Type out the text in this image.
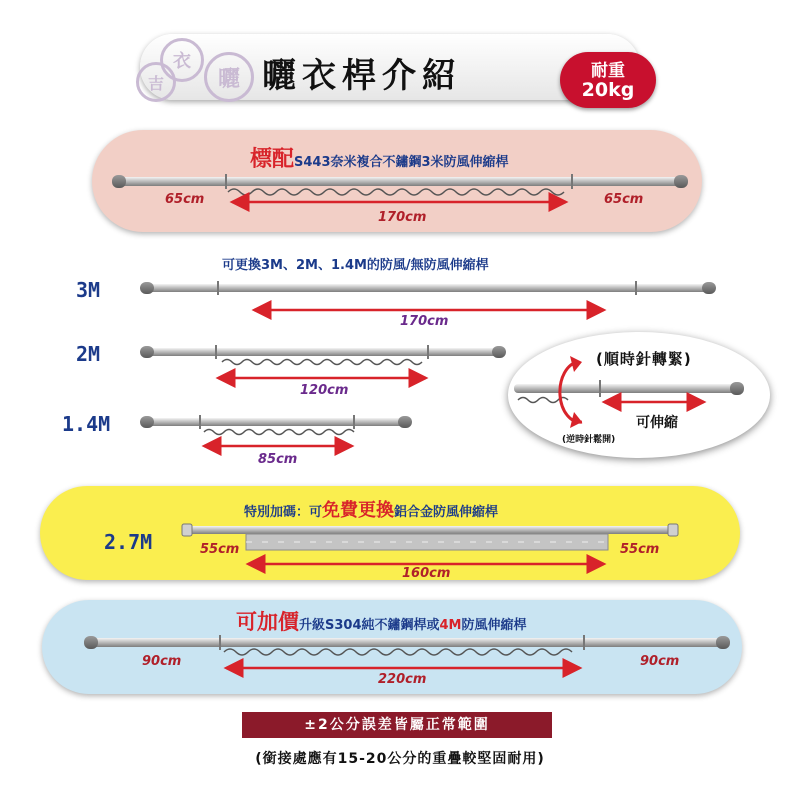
吉
衣
曬 曬衣桿介紹	耐重
20kg
標配S443奈米複合不鏽鋼3米防風伸縮桿
65cm
170cm
65cm
可更換3M、2M、1.4M的防風/無防風伸縮桿
3M
170cm
2M
120cm
1.4M
85cm
(順時針轉緊)
可伸縮
(逆時針鬆開)
特別加碼：可免費更換鋁合金防風伸縮桿
2.7M	55cm
160cm
55cm
可加價升級S304純不鏽鋼桿或4M防風伸縮桿
90cm
220cm
90cm
±2公分誤差皆屬正常範圍
(銜接處應有15-20公分的重疊較堅固耐用)
